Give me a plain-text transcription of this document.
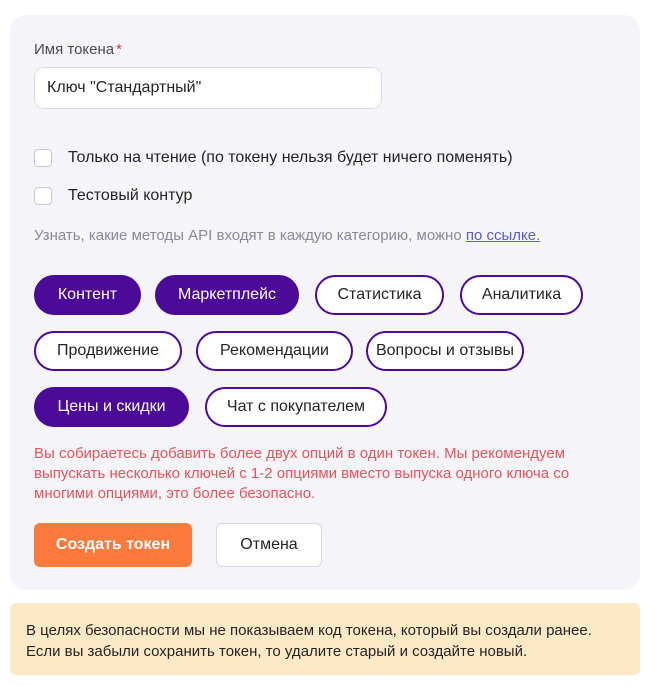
Имя токена *
Ключ "Стандартный"
Только на чтение (по токену нельзя будет ничего поменять)
Тестовый контур
Узнать, какие методы API входят в каждую категорию, можно по ссылке.
Контент	Маркетплейс	Статистика	Аналитика
Продвижение	Рекомендации	Вопросы и отзывы
Цены и скидки	Чат с покупателем
Вы собираетесь добавить более двух опций в один токен. Мы рекомендуем выпускать несколько ключей с 1-2 опциями вместо выпуска одного ключа со многими опциями, это более безопасно.
Создать токен	Отмена
В целях безопасности мы не показываем код токена, который вы создали ранее. Если вы забыли сохранить токен, то удалите старый и создайте новый.
